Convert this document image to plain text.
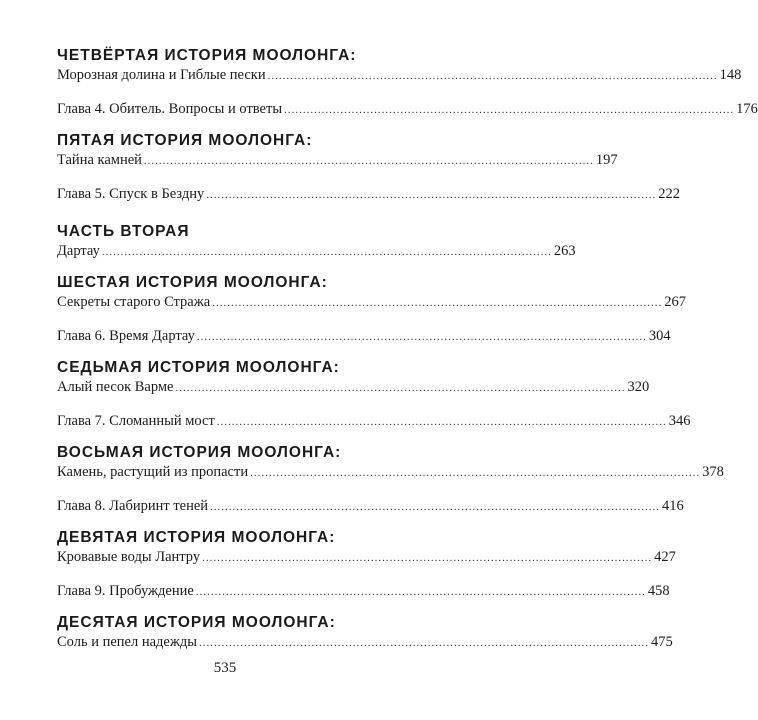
ЧЕТВЁРТАЯ ИСТОРИЯ МООЛОНГА:
Морозная долина и Гиблые пески ........................................................................................................................ 148
Глава 4. Обитель. Вопросы и ответы ........................................................................................................................ 176
ПЯТАЯ ИСТОРИЯ МООЛОНГА:
Тайна камней ........................................................................................................................ 197
Глава 5. Спуск в Бездну ........................................................................................................................ 222
ЧАСТЬ ВТОРАЯ
Дартау ........................................................................................................................ 263
ШЕСТАЯ ИСТОРИЯ МООЛОНГА:
Секреты старого Стража ........................................................................................................................ 267
Глава 6. Время Дартау ........................................................................................................................ 304
СЕДЬМАЯ ИСТОРИЯ МООЛОНГА:
Алый песок Варме ........................................................................................................................ 320
Глава 7. Сломанный мост ........................................................................................................................ 346
ВОСЬМАЯ ИСТОРИЯ МООЛОНГА:
Камень, растущий из пропасти ........................................................................................................................ 378
Глава 8. Лабиринт теней ........................................................................................................................ 416
ДЕВЯТАЯ ИСТОРИЯ МООЛОНГА:
Кровавые воды Лантру ........................................................................................................................ 427
Глава 9. Пробуждение ........................................................................................................................ 458
ДЕСЯТАЯ ИСТОРИЯ МООЛОНГА:
Соль и пепел надежды ........................................................................................................................ 475
535
